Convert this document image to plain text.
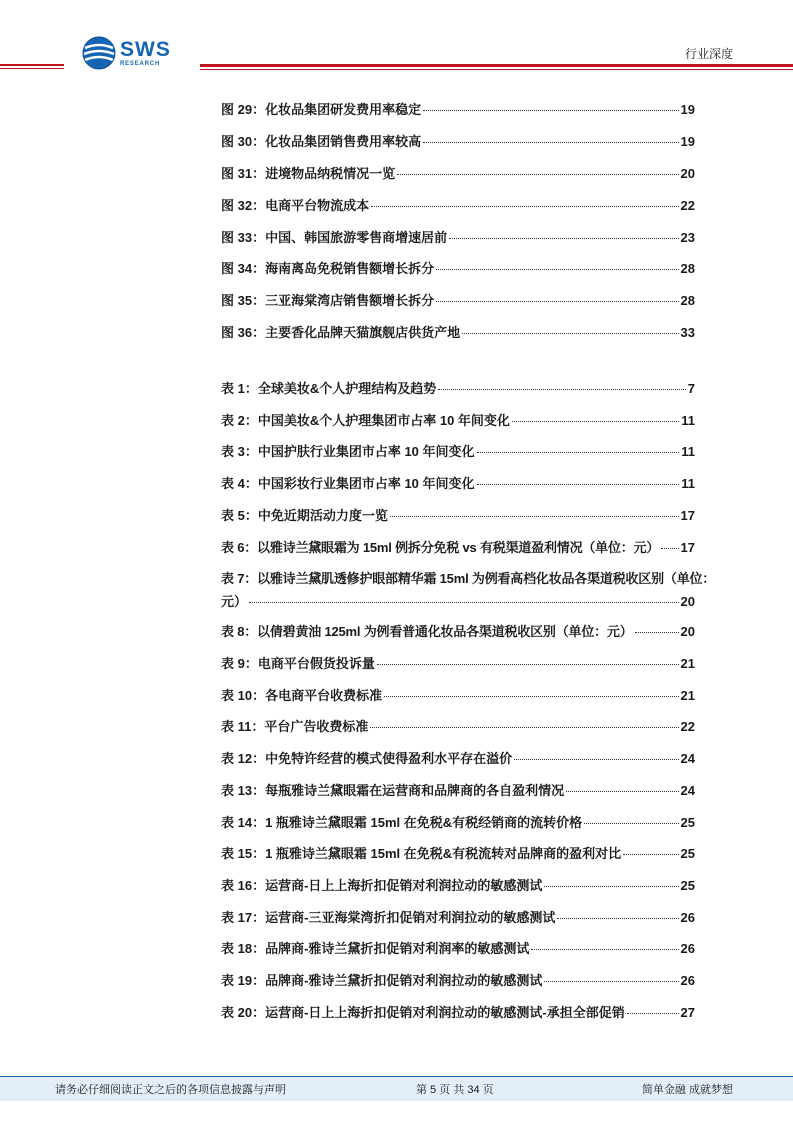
SWS
RESEARCH
行业深度
图 29：化妆品集团研发费用率稳定	19
图 30：化妆品集团销售费用率较高	19
图 31：进境物品纳税情况一览	20
图 32：电商平台物流成本	22
图 33：中国、韩国旅游零售商增速居前	23
图 34：海南离岛免税销售额增长拆分	28
图 35：三亚海棠湾店销售额增长拆分	28
图 36：主要香化品牌天猫旗舰店供货产地	33
表 1：全球美妆&个人护理结构及趋势	7
表 2：中国美妆&个人护理集团市占率 10 年间变化	11
表 3：中国护肤行业集团市占率 10 年间变化	11
表 4：中国彩妆行业集团市占率 10 年间变化	11
表 5：中免近期活动力度一览	17
表 6：以雅诗兰黛眼霜为 15ml 例拆分免税 vs 有税渠道盈利情况（单位：元） 17
表 7：以雅诗兰黛肌透修护眼部精华霜 15ml 为例看高档化妆品各渠道税收区别（单位：
元）	20
表 8：以倩碧黄油 125ml 为例看普通化妆品各渠道税收区别（单位：元）	20
表 9：电商平台假货投诉量	21
表 10：各电商平台收费标准	21
表 11：平台广告收费标准	22
表 12：中免特许经营的模式使得盈利水平存在溢价	24
表 13：每瓶雅诗兰黛眼霜在运营商和品牌商的各自盈利情况	24
表 14：1 瓶雅诗兰黛眼霜 15ml 在免税&有税经销商的流转价格	25
表 15：1 瓶雅诗兰黛眼霜 15ml 在免税&有税流转对品牌商的盈利对比	25
表 16：运营商-日上上海折扣促销对利润拉动的敏感测试	25
表 17：运营商-三亚海棠湾折扣促销对利润拉动的敏感测试	26
表 18：品牌商-雅诗兰黛折扣促销对利润率的敏感测试	26
表 19：品牌商-雅诗兰黛折扣促销对利润拉动的敏感测试	26
表 20：运营商-日上上海折扣促销对利润拉动的敏感测试-承担全部促销	27
请务必仔细阅读正文之后的各项信息披露与声明	第 5 页 共 34 页	简单金融 成就梦想
